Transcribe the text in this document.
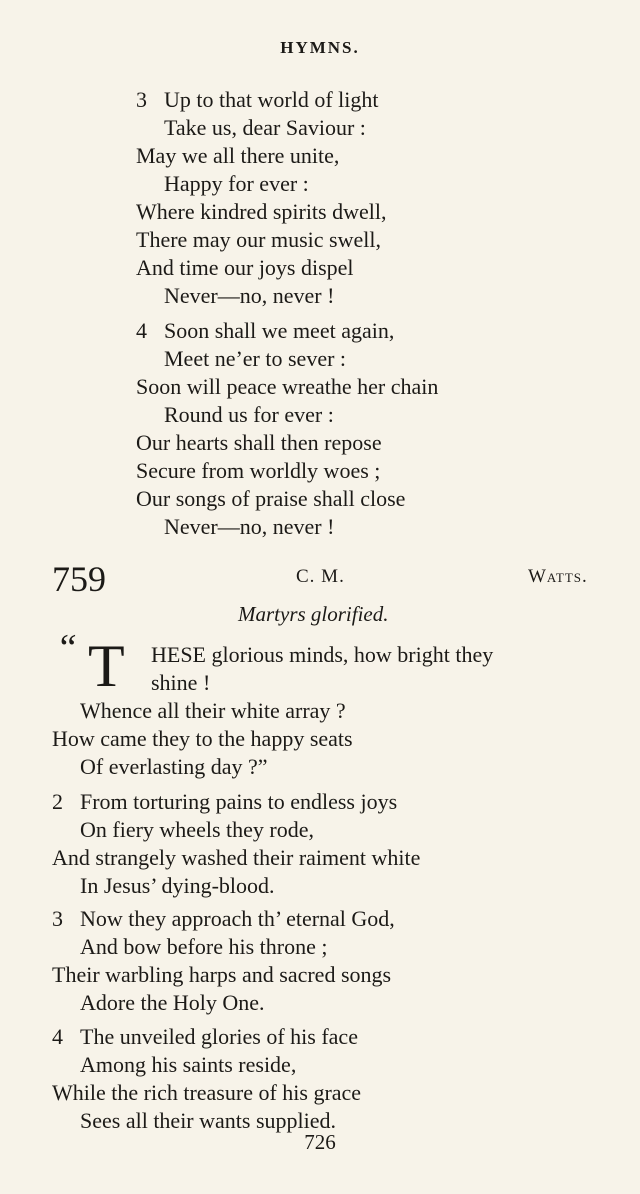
HYMNS.
3 Up to that world of light
Take us, dear Saviour :
May we all there unite,
Happy for ever :
Where kindred spirits dwell,
There may our music swell,
And time our joys dispel
Never—no, never !
4 Soon shall we meet again,
Meet ne’er to sever :
Soon will peace wreathe her chain
Round us for ever :
Our hearts shall then repose
Secure from worldly woes ;
Our songs of praise shall close
Never—no, never !
759	C. M.	Watts.
Martyrs glorified.
“ T HESE glorious minds, how bright they
shine !
Whence all their white array ?
How came they to the happy seats
Of everlasting day ?”
2 From torturing pains to endless joys
On fiery wheels they rode,
And strangely washed their raiment white
In Jesus’ dying-blood.
3 Now they approach th’ eternal God,
And bow before his throne ;
Their warbling harps and sacred songs
Adore the Holy One.
4 The unveiled glories of his face
Among his saints reside,
While the rich treasure of his grace
Sees all their wants supplied.
726
